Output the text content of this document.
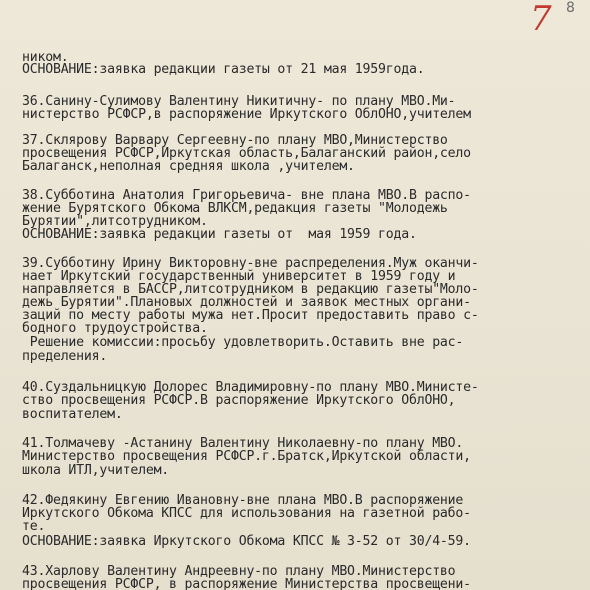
7 8
ником.
ОСНОВАНИЕ:заявка редакции газеты от 21 мая 1959года.
36.Санину-Сулимову Валентину Никитичну- по плану МВО.Ми-
нистерство РСФСР,в распоряжение Иркутского ОблОНО,учителем
37.Склярову Варвару Сергеевну-по плану МВО,Министерство
просвещения РСФСР,Иркутская область,Балаганский район,село
Балаганск,неполная средняя школа ,учителем.
38.Субботина Анатолия Григорьевича- вне плана МВО.В распо-
жение Бурятского Обкома ВЛКСМ,редакция газеты "Молодежь
Бурятии",литсотрудником.
ОСНОВАНИЕ:заявка редакции газеты от  мая 1959 года.
39.Субботину Ирину Викторовну-вне распределения.Муж оканчи-
нает Иркутский государственный университет в 1959 году и
направляется в БАССР,литсотрудником в редакцию газеты"Моло-
дежь Бурятии".Плановых должностей и заявок местных органи-
заций по месту работы мужа нет.Просит предоставить право с-
бодного трудоустройства.
Решение комиссии:просьбу удовлетворить.Оставить вне рас-
пределения.
40.Суздальницкую Долорес Владимировну-по плану МВО.Министе-
ство просвещения РСФСР.В распоряжение Иркутского ОблОНО,
воспитателем.
41.Толмачеву -Астанину Валентину Николаевну-по плану МВО.
Министерство просвещения РСФСР.г.Братск,Иркутской области,
школа ИТЛ,учителем.
42.Федякину Евгению Ивановну-вне плана МВО.В распоряжение
Иркутского Обкома КПСС для использования на газетной рабо-
те.
ОСНОВАНИЕ:заявка Иркутского Обкома КПСС № 3-52 от 30/4-59.
43.Харлову Валентину Андреевну-по плану МВО.Министерство
просвещения РСФСР, в распоряжение Министерства просвещени-
